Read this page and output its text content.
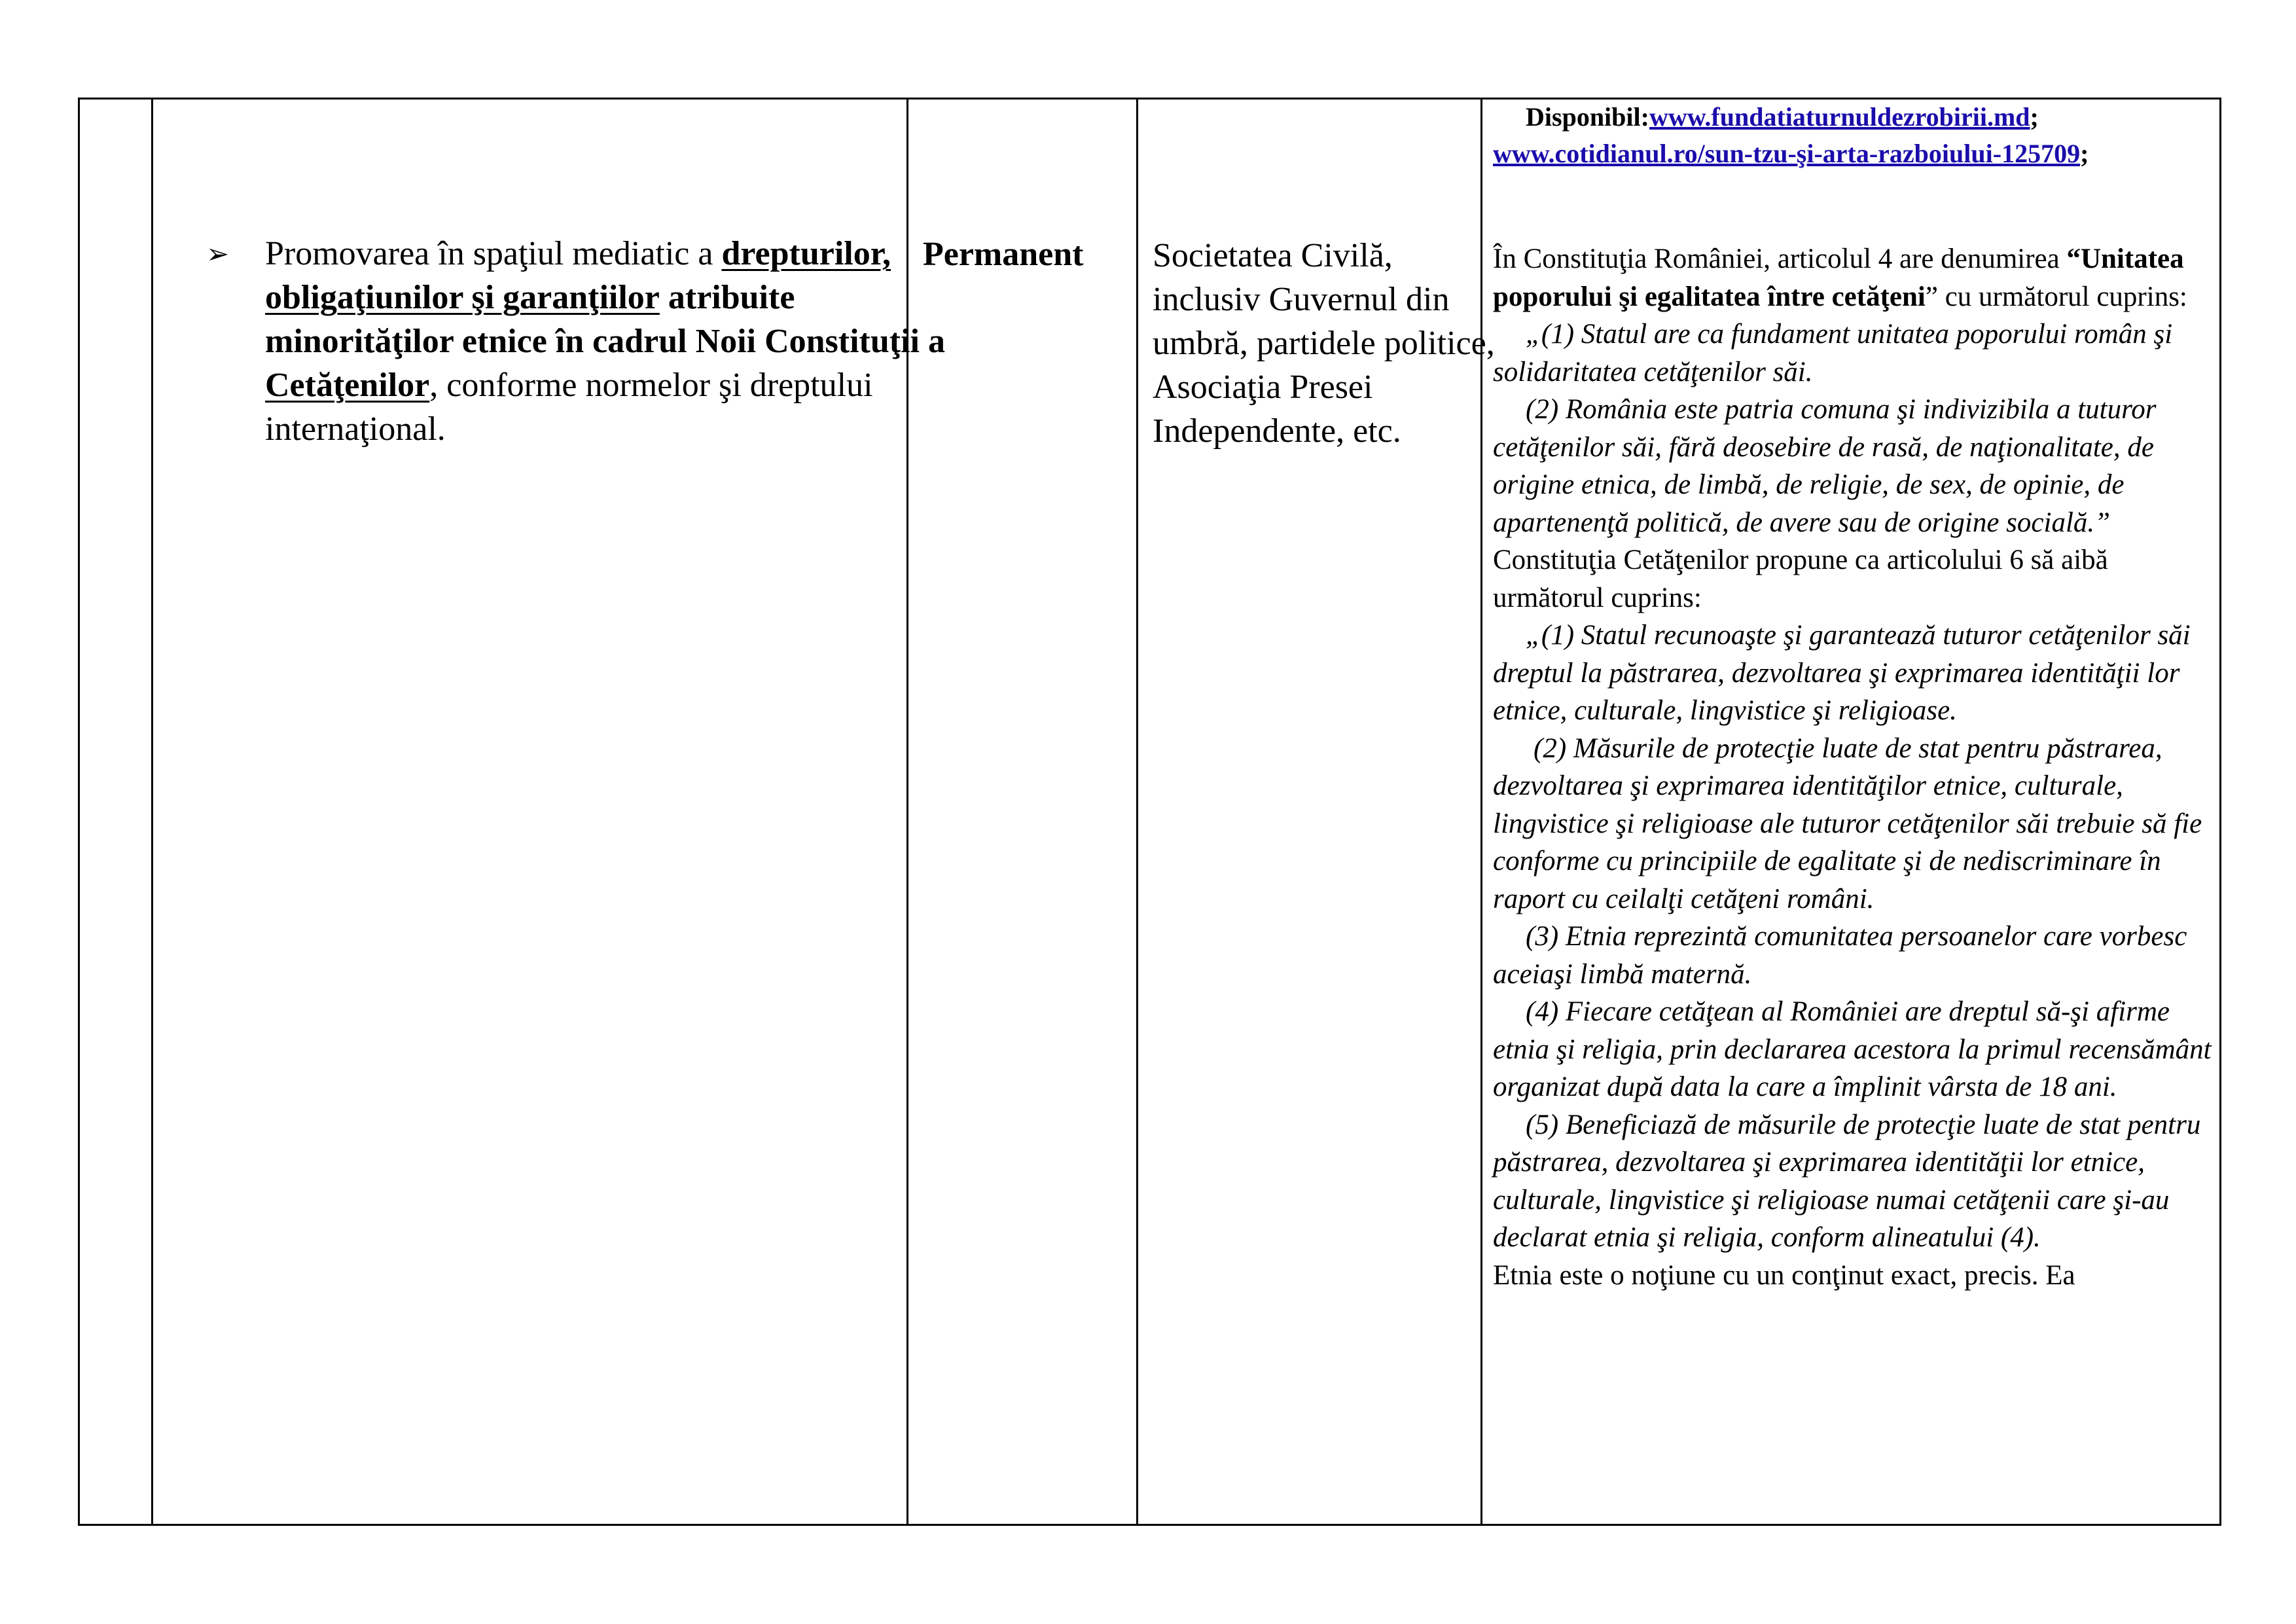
➢ Promovarea în spaţiul mediatic a drepturilor, obligaţiunilor şi garanţiilor atribuite minorităţilor etnice în cadrul Noii Constituţii a Cetăţenilor, conforme normelor şi dreptului internaţional.
Permanent Societatea Civilă, inclusiv Guvernul din umbră, partidele politice, Asociaţia Presei Independente, etc.
Disponibil:www.fundatiaturnuldezrobirii.md;
www.cotidianul.ro/sun-tzu-şi-arta-razboiului-125709;

În Constituţia României, articolul 4 are denumirea “Unitatea poporului şi egalitatea între cetăţeni” cu următorul cuprins:

„(1) Statul are ca fundament unitatea poporului român şi solidaritatea cetăţenilor săi.

(2) România este patria comuna şi indivizibila a tuturor cetăţenilor săi, fără deosebire de rasă, de naţionalitate, de origine etnica, de limbă, de religie, de sex, de opinie, de apartenenţă politică, de avere sau de origine socială.”

Constituţia Cetăţenilor propune ca articolului 6 să aibă următorul cuprins:

„(1) Statul recunoaşte şi garantează tuturor cetăţenilor săi dreptul la păstrarea, dezvoltarea şi exprimarea identităţii lor etnice, culturale, lingvistice şi religioase.

(2) Măsurile de protecţie luate de stat pentru păstrarea, dezvoltarea şi exprimarea identităţilor etnice, culturale, lingvistice şi religioase ale tuturor cetăţenilor săi trebuie să fie conforme cu principiile de egalitate şi de nediscriminare în raport cu ceilalţi cetăţeni români.

(3) Etnia reprezintă comunitatea persoanelor care vorbesc aceiaşi limbă maternă.

(4) Fiecare cetăţean al României are dreptul să-şi afirme etnia şi religia, prin declararea acestora la primul recensământ organizat după data la care a împlinit vârsta de 18 ani.

(5) Beneficiază de măsurile de protecţie luate de stat pentru păstrarea, dezvoltarea şi exprimarea identităţii lor etnice, culturale, lingvistice şi religioase numai cetăţenii care şi-au declarat etnia şi religia, conform alineatului (4).

Etnia este o noţiune cu un conţinut exact, precis. Ea
